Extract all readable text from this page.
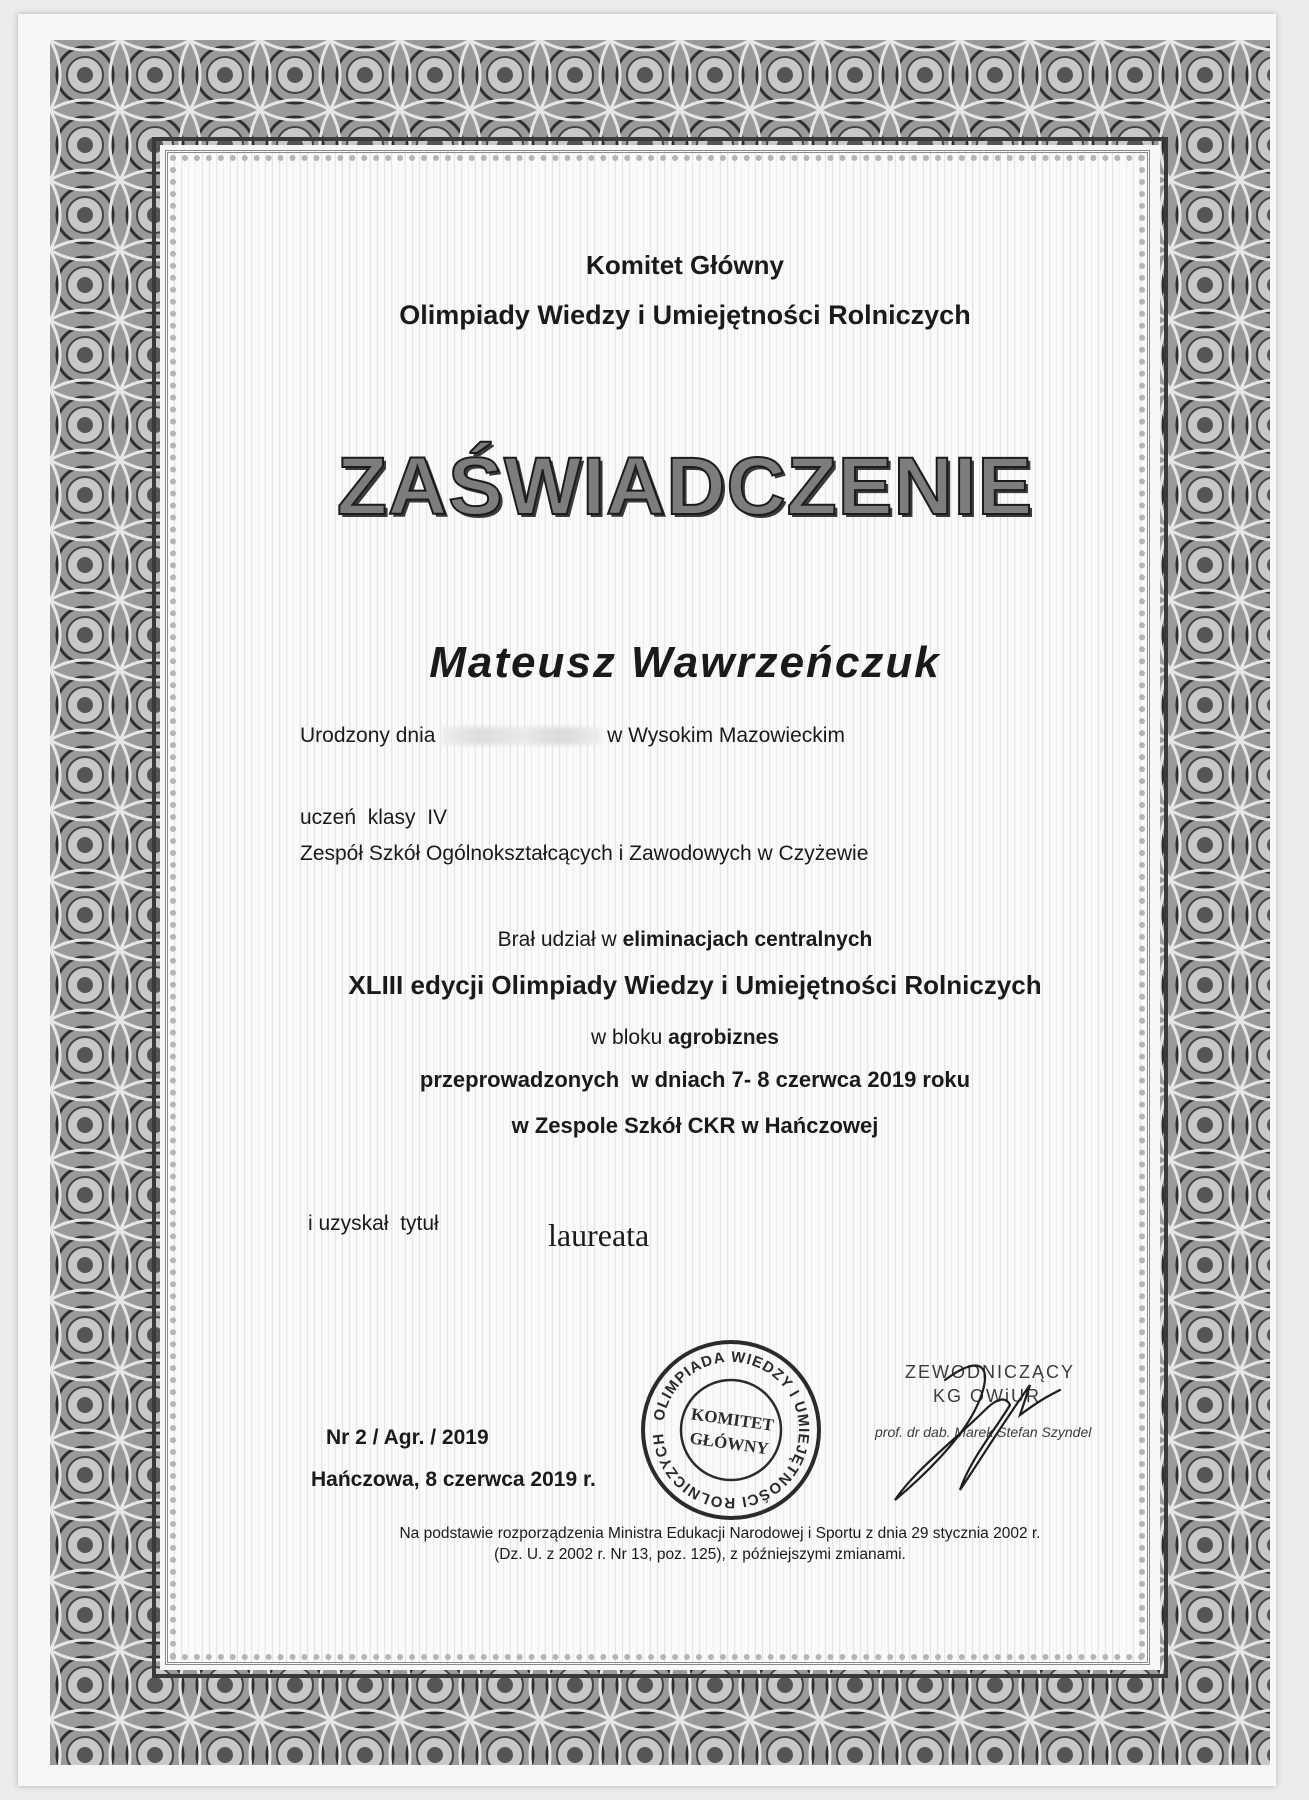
Komitet Główny
Olimpiady Wiedzy i Umiejętności Rolniczych
ZAŚWIADCZENIE
Mateusz Wawrzeńczuk
Urodzony dnia	w Wysokim Mazowieckim
uczeń  klasy  IV
Zespół Szkół Ogólnokształcących i Zawodowych w Czyżewie
Brał udział w eliminacjach centralnych
XLIII edycji Olimpiady Wiedzy i Umiejętności Rolniczych
w bloku agrobiznes
przeprowadzonych  w dniach 7- 8 czerwca 2019 roku
w Zespole Szkół CKR w Hańczowej
i uzyskał  tytuł	laureata
Nr 2 / Agr. / 2019
Hańczowa, 8 czerwca 2019 r.
OLIMPIADA WIEDZY I UMIEJĘTNOŚCI ROLNICZYCH
KOMITET
GŁÓWNY
ZEWODNICZĄCY
KG OWiUR
prof. dr dab. Marek Stefan Szyndel
Na podstawie rozporządzenia Ministra Edukacji Narodowej i Sportu z dnia 29 stycznia 2002 r.
(Dz. U. z 2002 r. Nr 13, poz. 125), z późniejszymi zmianami.
